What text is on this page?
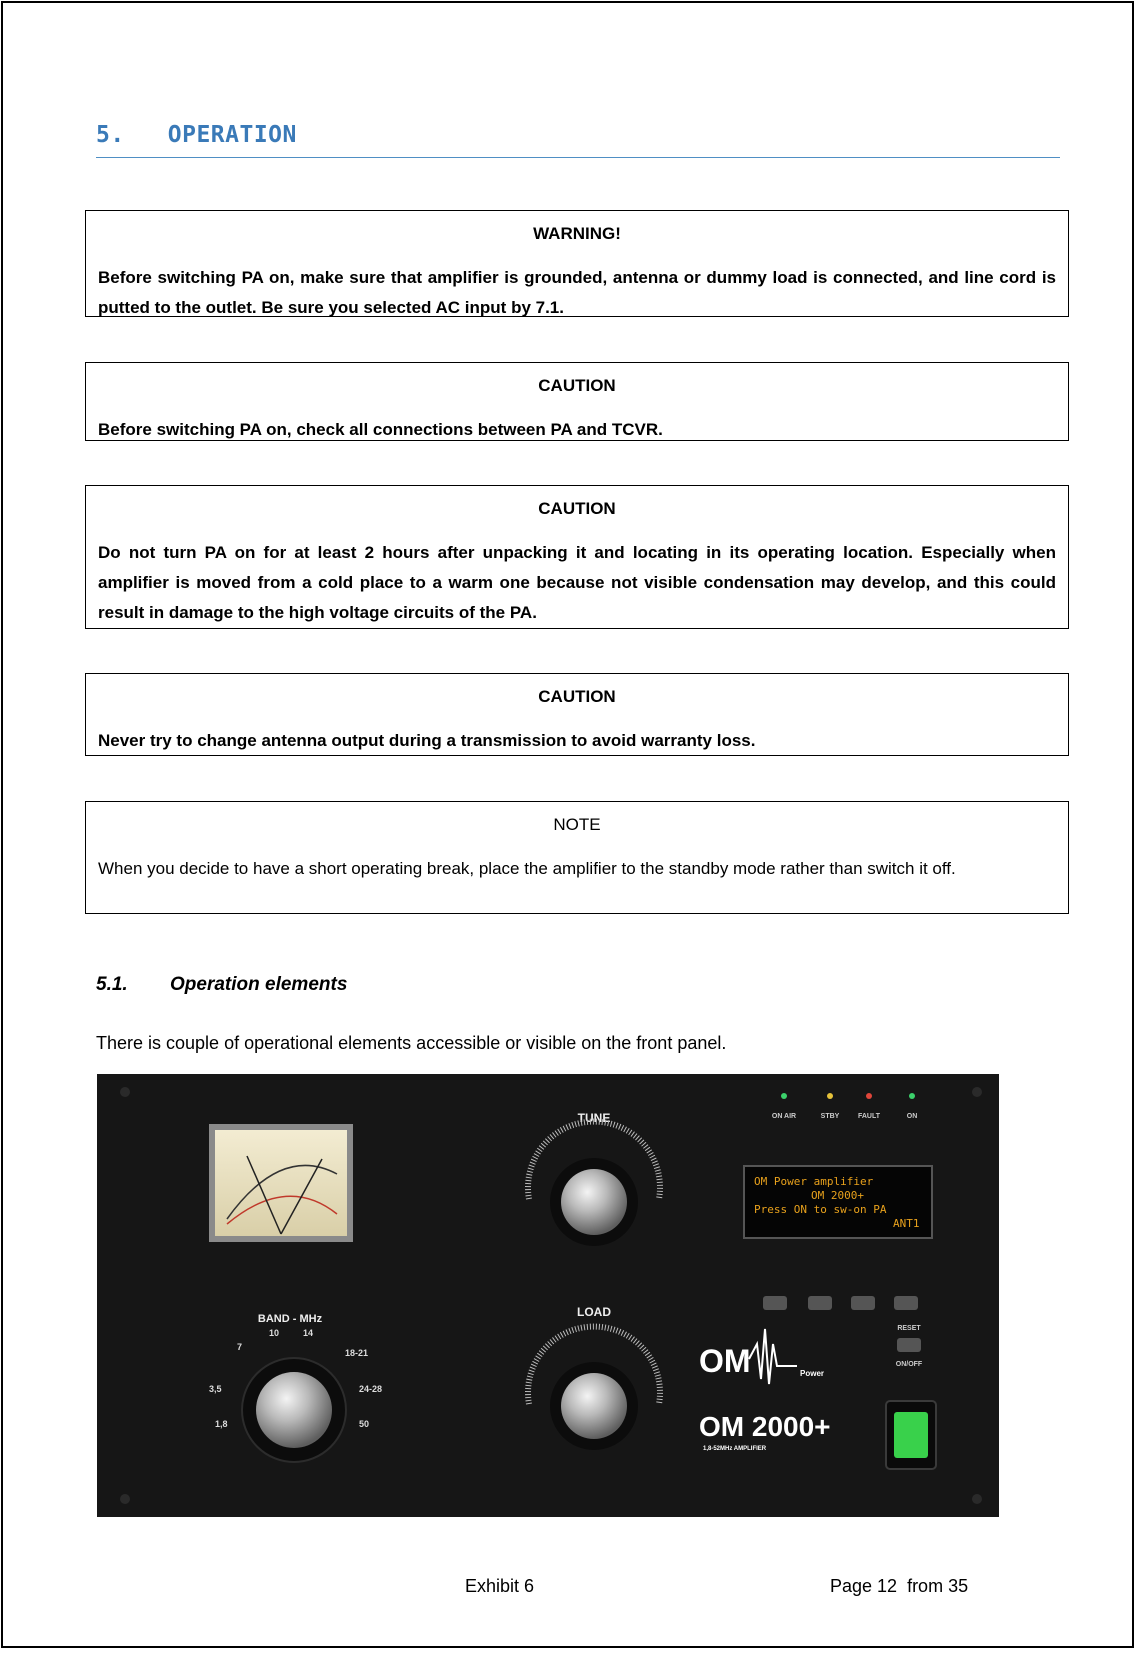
5. OPERATION
WARNING!
Before switching PA on, make sure that amplifier is grounded, antenna or dummy load is connected, and line cord is putted to the outlet. Be sure you selected AC input by 7.1.
CAUTION
Before switching PA on, check all connections between PA and TCVR.
CAUTION
Do not turn PA on for at least 2 hours after unpacking it and locating in its operating location. Especially when amplifier is moved from a cold place to a warm one because not visible condensation may develop, and this could result in damage to the high voltage circuits of the PA.
CAUTION
Never try to change antenna output during a transmission to avoid warranty loss.
NOTE
When you decide to have a short operating break, place the amplifier to the standby mode rather than switch it off.
5.1. Operation elements
There is couple of operational elements accessible or visible on the front panel.
TUNE
LOAD
BAND - MHz
1,8
3,5
7
10	14
18-21
24-28
50
ON AIR	STBY	FAULT	ON
OM Power amplifier
OM 2000+
Press ON to sw-on PA
ANT1
RESET
ON/OFF
OM	Power
OM 2000+
1,8-52MHz AMPLIFIER
Exhibit 6	Page 12  from 35
